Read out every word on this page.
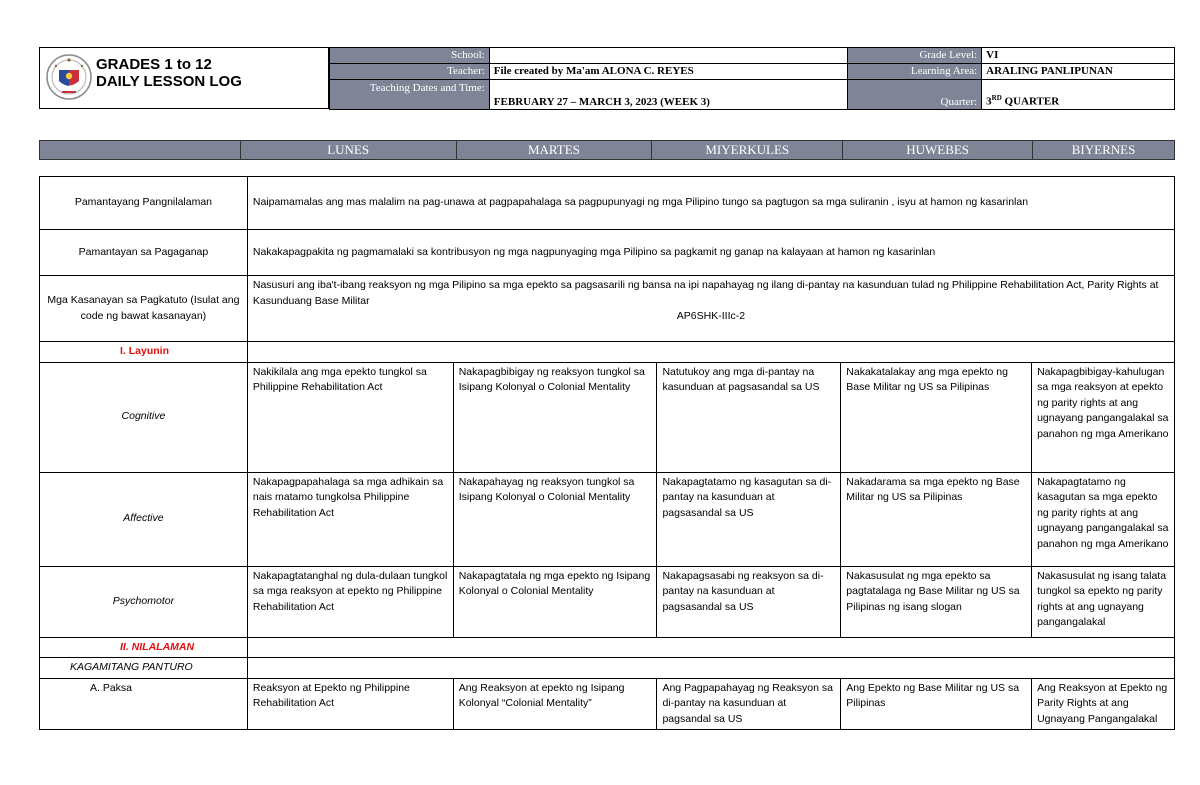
GRADES 1 to 12
DAILY LESSON LOG
School:		Grade Level:	VI
Teacher:	File created by Ma'am ALONA C. REYES	Learning Area:	ARALING PANLIPUNAN
Teaching Dates and Time:	FEBRUARY 27 – MARCH 3, 2023 (WEEK 3)	Quarter:	3RD QUARTER
	LUNES	MARTES	MIYERKULES	HUWEBES	BIYERNES
Pamantayang Pangnilalaman	Naipamamalas ang mas malalim na pag-unawa at pagpapahalaga sa pagpupunyagi ng mga Pilipino tungo sa pagtugon sa mga suliranin , isyu at hamon ng kasarinlan				
Pamantayan sa Pagaganap	Nakakapagpakita ng pagmamalaki sa kontribusyon ng mga nagpunyaging mga Pilipino sa pagkamit ng ganap na kalayaan at hamon ng kasarinlan				
Mga Kasanayan sa Pagkatuto (Isulat ang code ng bawat kasanayan)	Nasusuri ang iba't-ibang reaksyon ng mga Pilipino sa mga epekto sa pagsasarili ng bansa na ipi napahayag ng ilang di-pantay na kasunduan tulad ng Philippine Rehabilitation Act, Parity Rights at Kasunduang Base Militar
AP6SHK-IIIc-2				

I. Layunin					
Cognitive	Nakikilala ang mga epekto tungkol sa Philippine Rehabilitation Act	Nakapagbibigay ng reaksyon tungkol sa Isipang Kolonyal o Colonial Mentality	Natutukoy ang mga di-pantay na kasunduan at pagsasandal sa US	Nakakatalakay ang mga epekto ng Base Militar ng US sa Pilipinas	Nakapagbibigay-kahulugan sa mga reaksyon at epekto ng parity rights at ang ugnayang pangangalakal sa panahon ng mga Amerikano
Affective	Nakapagpapahalaga sa mga adhikain sa nais matamo tungkolsa Philippine Rehabilitation Act	Nakapahayag ng reaksyon tungkol sa Isipang Kolonyal o Colonial Mentality	Nakapagtatamo ng kasagutan sa di-pantay na kasunduan at pagsasandal sa US	Nakadarama sa mga epekto ng Base Militar ng US sa Pilipinas	Nakapagtatamo ng kasagutan sa mga epekto ng parity rights at ang ugnayang pangangalakal sa panahon ng mga Amerikano
Psychomotor	Nakapagtatanghal ng dula-dulaan tungkol sa mga reaksyon at epekto ng Philippine Rehabilitation Act	Nakapagtatala ng mga epekto ng Isipang Kolonyal o Colonial Mentality	Nakapagsasabi ng reaksyon sa di-pantay na kasunduan at pagsasandal sa US	Nakasusulat ng mga epekto sa pagtatalaga ng Base Militar ng US sa Pilipinas ng isang slogan	Nakasusulat ng isang talata tungkol sa epekto ng parity rights at ang ugnayang pangangalakal
II. NILALAMAN					
KAGAMITANG PANTURO					
A. Paksa	Reaksyon at Epekto ng Philippine Rehabilitation Act	Ang Reaksyon at epekto ng Isipang Kolonyal “Colonial Mentality”	Ang Pagpapahayag ng Reaksyon sa di-pantay na kasunduan at pagsandal sa US	Ang Epekto ng Base Militar ng US sa Pilipinas	Ang Reaksyon at Epekto ng Parity Rights at ang Ugnayang Pangangalakal
